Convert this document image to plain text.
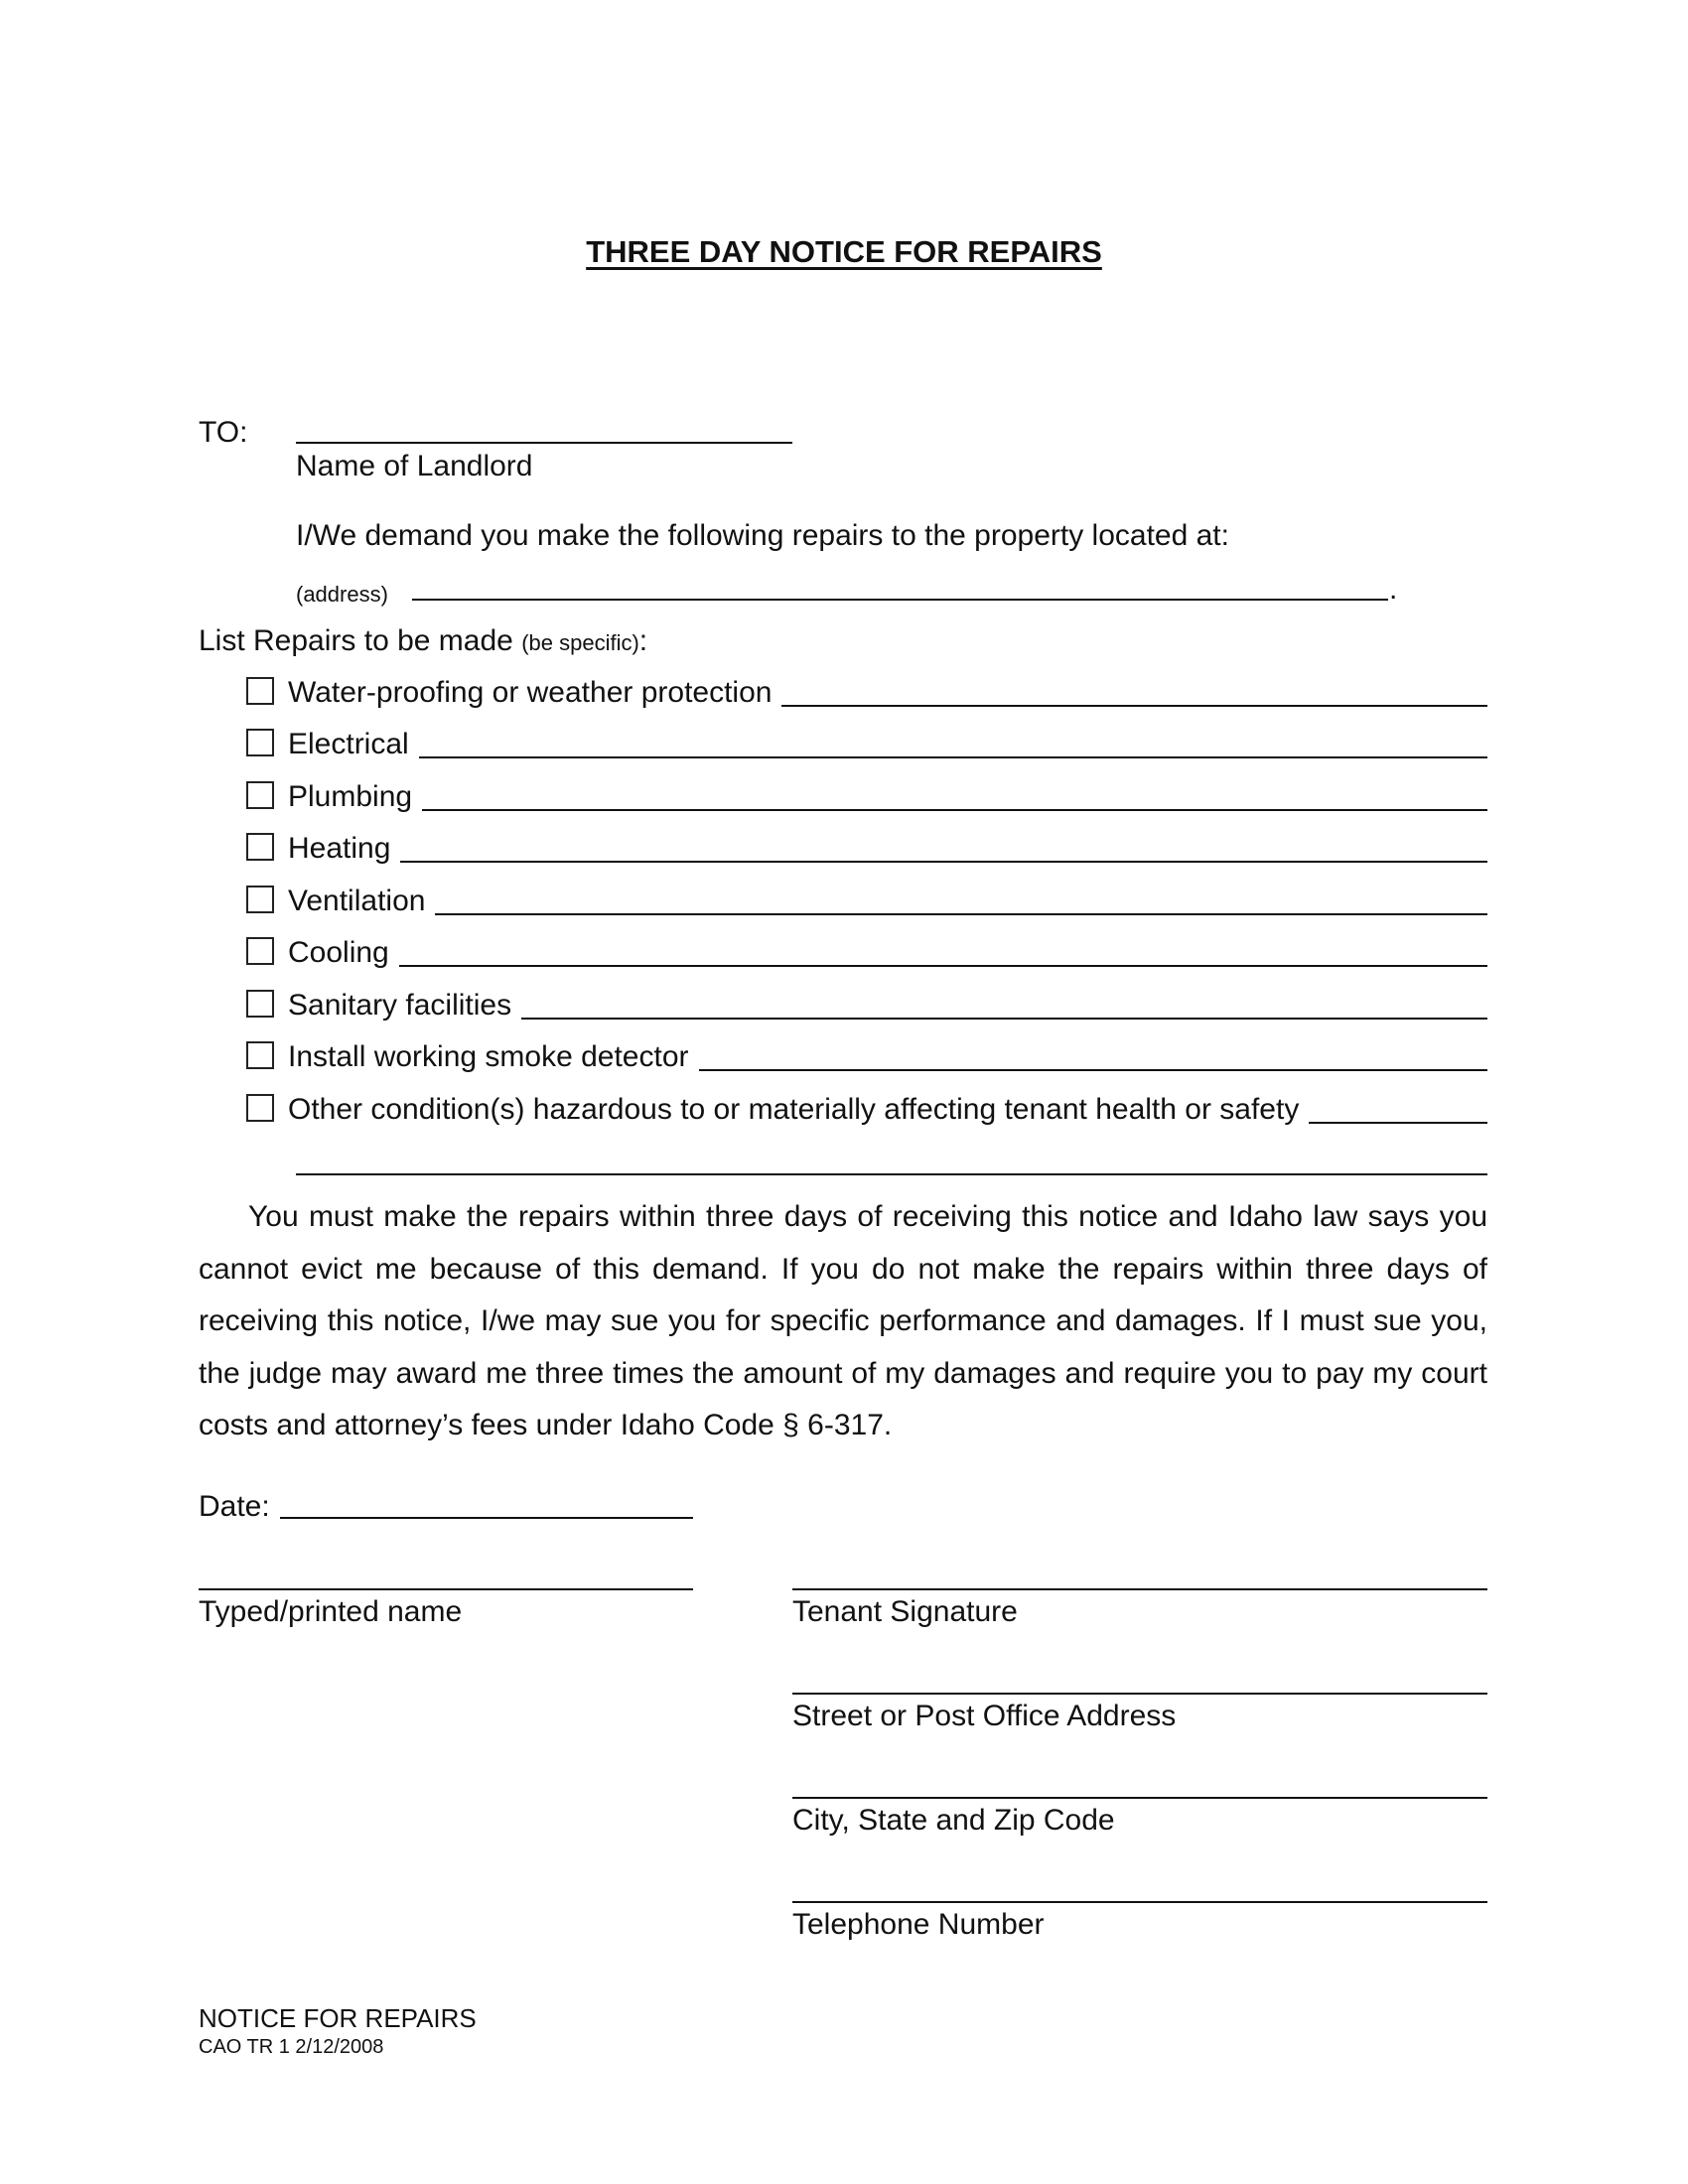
THREE DAY NOTICE FOR REPAIRS
TO:
Name of Landlord
I/We demand you make the following repairs to the property located at:
(address)	.
List Repairs to be made (be specific):
Water-proofing or weather protection
Electrical
Plumbing
Heating
Ventilation
Cooling
Sanitary facilities
Install working smoke detector
Other condition(s) hazardous to or materially affecting tenant health or safety
You must make the repairs within three days of receiving this notice and Idaho law says you cannot evict me because of this demand. If you do not make the repairs within three days of receiving this notice, I/we may sue you for specific performance and damages. If I must sue you, the judge may award me three times the amount of my damages and require you to pay my court costs and attorney’s fees under Idaho Code § 6-317.
Date:
Typed/printed name	Tenant Signature
Street or Post Office Address
City, State and Zip Code
Telephone Number
NOTICE FOR REPAIRS
CAO TR 1 2/12/2008
